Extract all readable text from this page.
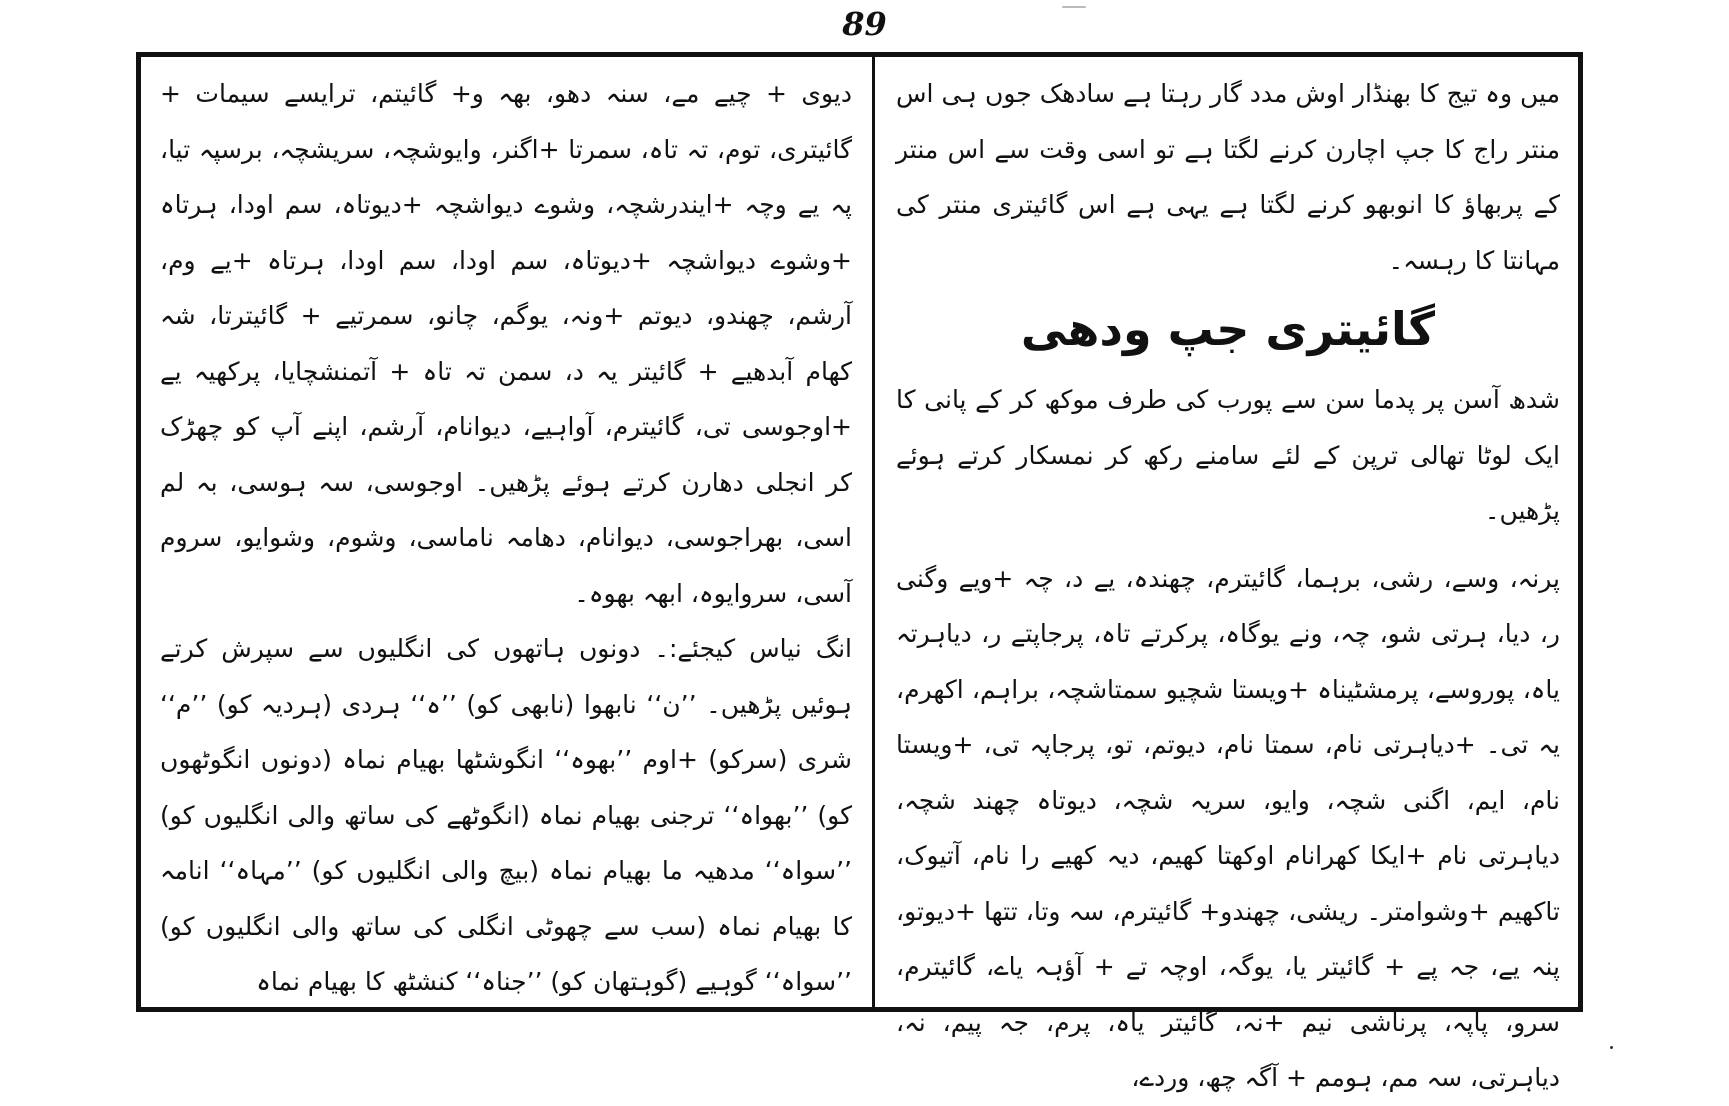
89

میں وہ تیج کا بھنڈار اوش مدد گار رہتا ہے سادھک جوں ہی اس منتر راج کا جپ اچارن کرنے لگتا ہے تو اسی وقت سے اس منتر کے پربھاؤ کا انوبھو کرنے لگتا ہے یہی ہے اس گائیتری منتر کی مہانتا کا رہسہ۔

گائیتری جپ ودھی

شدھ آسن پر پدما سن سے پورب کی طرف موکھ کر کے پانی کا ایک لوٹا تھالی ترپن کے لئے سامنے رکھ کر نمسکار کرتے ہوئے پڑھیں۔

پرنہ، وسے، رشی، برہما، گائیترم، چھندہ، یے د، چہ +ویے وگنی ر، دیا، ہرتی شو، چہ، ونے یوگاہ، پرکرتے تاہ، پرجاپتے ر، دیاہرتہ یاہ، پوروسے، پرمشٹیناہ +ویستا شچیو سمتاشچہ، براہم، اکھرم، یہ تی۔ +دیاہرتی نام، سمتا نام، دیوتم، تو، پرجاپہ تی، +ویستا نام، ایم، اگنی شچہ، وایو، سریہ شچہ، دیوتاہ چھند شچہ، دیاہرتی نام +ایکا کھرانام اوکھتا کھیم، دیہ کھیے را نام، آتیوک، تاکھیم +وشوامتر۔ ریشی، چھندو+ گائیترم، سہ وتا، تتھا +دیوتو، پنہ یے، جہ پے + گائیتر یا، یوگہ، اوچہ تے + آؤہہ یاے، گائیترم، سرو، پاپہ، پرناشی نیم +نہ، گائیتر یاہ، پرم، جہ پیم، نہ، دیاہرتی، سہ مم، ہومم + آگہ چھ، وردے،

دیوی + چیے مے، سنہ دھو، بھہ و+ گائیتم، ترایسے سیمات + گائیتری، توم، تہ تاہ، سمرتا +اگنر، وایوشچہ، سریشچہ، برسپہ تیا، پہ یے وچہ +ایندرشچہ، وشوے دیواشچہ +دیوتاہ، سم اودا، ہرتاہ +وشوے دیواشچہ +دیوتاہ، سم اودا، سم اودا، ہرتاہ +یے وم، آرشم، چھندو، دیوتم +ونہ، یوگم، چانو، سمرتیے + گائیترتا، شہ کھام آبدھیے + گائیتر یہ د، سمن تہ تاہ + آتمنشچایا، پرکھیہ یے +اوجوسی تی، گائیترم، آواہیے، دیوانام، آرشم، اپنے آپ کو چھڑک کر انجلی دھارن کرتے ہوئے پڑھیں۔ اوجوسی، سہ ہوسی، بہ لم اسی، بھراجوسی، دیوانام، دھامہ ناماسی، وشوم، وشوایو، سروم آسی، سروایوہ، ابھہ بھوہ۔

انگ نیاس کیجئے:۔ دونوں ہاتھوں کی انگلیوں سے سپرش کرتے ہوئیں پڑھیں۔ ’’ن‘‘ نابھوا (نابھی کو) ’’ہ‘‘ ہردی (ہردیہ کو) ’’م‘‘ شری (سرکو) +اوم ’’بھوہ‘‘ انگوشٹھا بھیام نماہ (دونوں انگوٹھوں کو) ’’بھواہ‘‘ ترجنی بھیام نماہ (انگوٹھے کی ساتھ والی انگلیوں کو) ’’سواہ‘‘ مدھیہ ما بھیام نماہ (بیچ والی انگلیوں کو) ’’مہاہ‘‘ انامہ کا بھیام نماہ (سب سے چھوٹی انگلی کی ساتھ والی انگلیوں کو) ’’سواہ‘‘ گوہیے (گوہتھان کو) ’’جناہ‘‘ کنشٹھ کا بھیام نماہ
